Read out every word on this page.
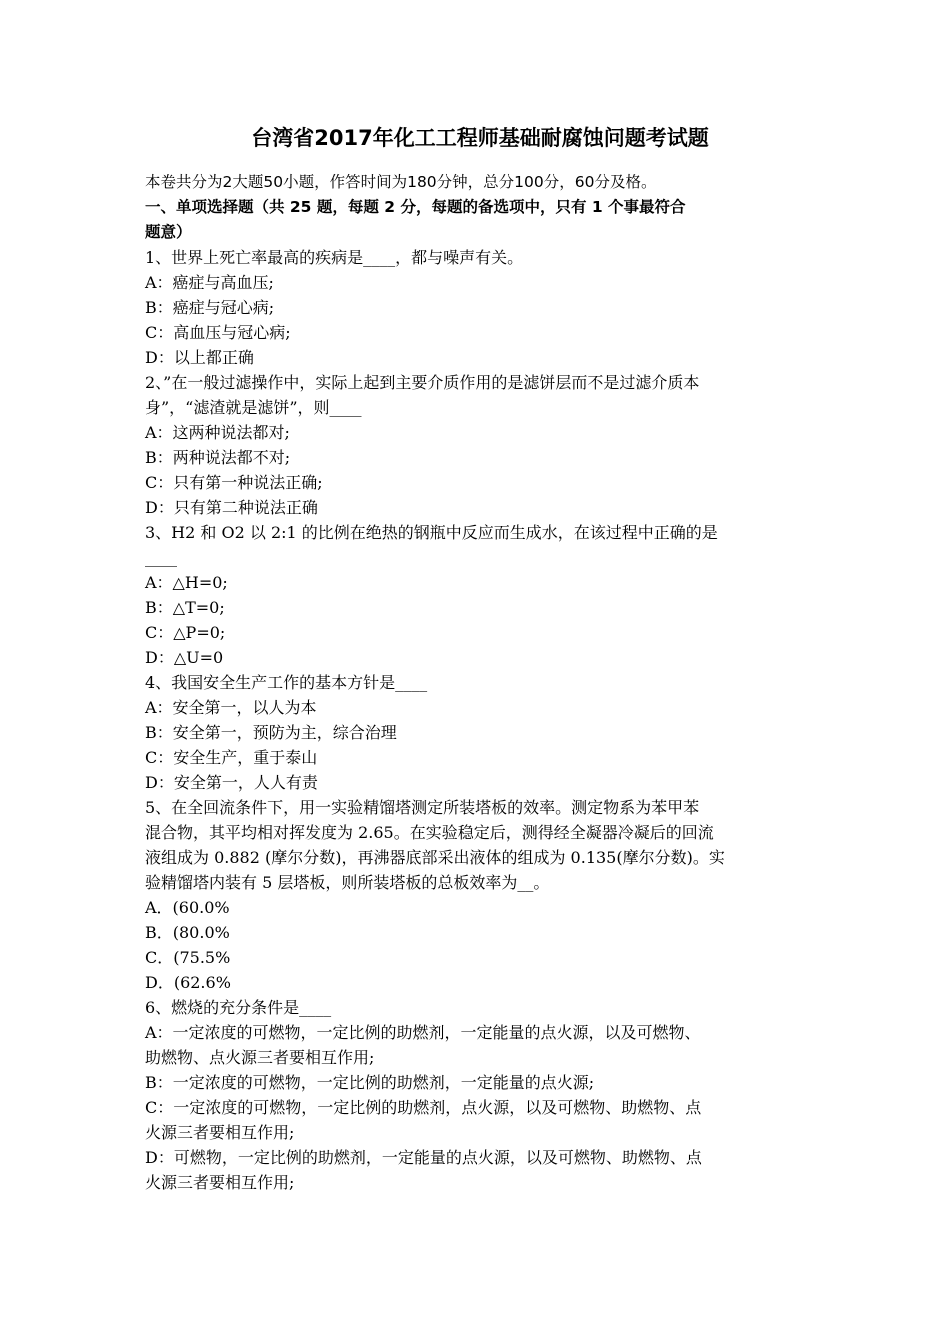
台湾省2017年化工工程师基础耐腐蚀问题考试题
本卷共分为2大题50小题，作答时间为180分钟，总分100分，60分及格。
一、单项选择题（共 25 题，每题 2 分，每题的备选项中，只有 1 个事最符合
题意）
1、世界上死亡率最高的疾病是____，都与噪声有关。
A：癌症与高血压;
B：癌症与冠心病;
C：高血压与冠心病;
D：以上都正确
2、”在一般过滤操作中，实际上起到主要介质作用的是滤饼层而不是过滤介质本
身”，“滤渣就是滤饼”，则____
A：这两种说法都对;
B：两种说法都不对;
C：只有第一种说法正确;
D：只有第二种说法正确
3、H2 和 O2 以 2:1 的比例在绝热的钢瓶中反应而生成水，在该过程中正确的是
____
A：△H=0;
B：△T=0;
C：△P=0;
D：△U=0
4、我国安全生产工作的基本方针是____
A：安全第一，以人为本
B：安全第一，预防为主，综合治理
C：安全生产，重于泰山
D：安全第一，人人有责
5、在全回流条件下，用一实验精馏塔测定所装塔板的效率。测定物系为苯甲苯
混合物，其平均相对挥发度为 2.65。在实验稳定后，测得经全凝器冷凝后的回流
液组成为 0.882 (摩尔分数)，再沸器底部采出液体的组成为 0.135(摩尔分数)。实
验精馏塔内装有 5 层塔板，则所装塔板的总板效率为__。
A．(60.0%
B．(80.0%
C．(75.5%
D．(62.6%
6、燃烧的充分条件是____
A：一定浓度的可燃物，一定比例的助燃剂，一定能量的点火源，以及可燃物、
助燃物、点火源三者要相互作用;
B：一定浓度的可燃物，一定比例的助燃剂，一定能量的点火源;
C：一定浓度的可燃物，一定比例的助燃剂，点火源，以及可燃物、助燃物、点
火源三者要相互作用;
D：可燃物，一定比例的助燃剂，一定能量的点火源，以及可燃物、助燃物、点
火源三者要相互作用;
